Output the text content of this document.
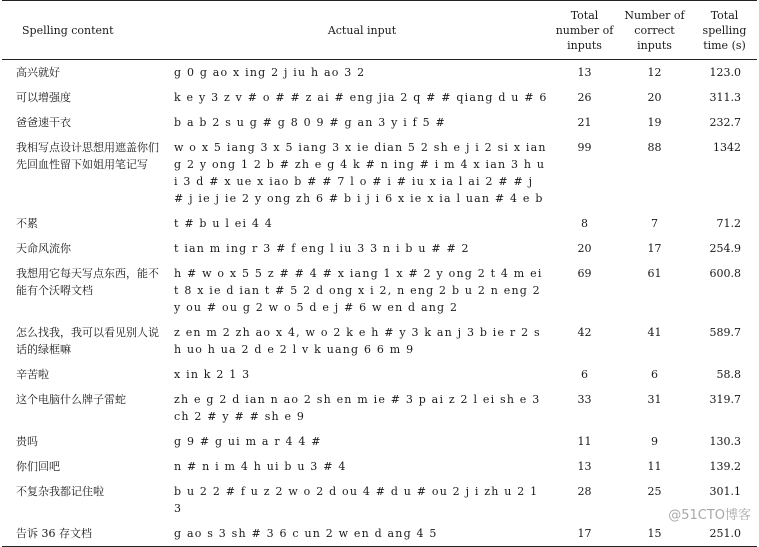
Spelling content	Actual input	Total number of inputs	Number of correct inputs	Total spelling time (s)
高兴就好	g 0 g ao x ing 2 j iu h ao 3 2	13	12	123.0
可以增强度	k e y 3 z v # o # # z ai # eng jia 2 q # # qiang d u # 6	26	20	311.3
爸爸速干衣	b a b 2 s u g # g 8 0 9 # g an 3 y i f 5 #	21	19	232.7
我相写点设计思想用遮盖你们先回血性留下如姐用笔记写	w o x 5 iang 3 x 5 iang 3 x ie dian 5 2 sh e j i 2 si x iang 2 y ong 1 2 b # zh e g 4 k # n ing # i m 4 x ian 3 h ui 3 d # x ue x iao b # # 7 l o # i # iu x ia l ai 2 # # j # j ie j ie 2 y ong zh 6 # b i j i 6 x ie x ia l uan # 4 e b	99	88	1342
不累	t # b u l ei 4 4	8	7	71.2
天命风流你	t ian m ing r 3 # f eng l iu 3 3 n i b u # # 2	20	17	254.9
我想用它每天写点东西，能不能有个沃嘚文档	h # w o x 5 5 z # # 4 # x iang 1 x # 2 y ong 2 t 4 m ei t 8 x ie d ian t # 5 2 d ong x i 2, n eng 2 b u 2 n eng 2 y ou # ou g 2 w o 5 d e j # 6 w en d ang 2	69	61	600.8
怎么找我，我可以看见别人说话的绿框嘛	z en m 2 zh ao x 4, w o 2 k e h # y 3 k an j 3 b ie r 2 sh uo h ua 2 d e 2 l v k uang 6 6 m 9	42	41	589.7
辛苦啦	x in k 2 1 3	6	6	58.8
这个电脑什么牌子雷蛇	zh e g 2 d ian n ao 2 sh en m ie # 3 p ai z 2 l ei sh e 3 ch 2 # y # # sh e 9	33	31	319.7
贵吗	g 9 # g ui m a r 4 4 #	11	9	130.3
你们回吧	n # n i m 4 h ui b u 3 # 4	13	11	139.2
不复杂我都记住啦	b u 2 2 # f u z 2 w o 2 d ou 4 # d u # ou 2 j i zh u 2 1 3	28	25	301.1
告诉 36 存文档	g ao s 3 sh # 3 6 c un 2 w en d ang 4 5	17	15	251.0
@51CTO博客
